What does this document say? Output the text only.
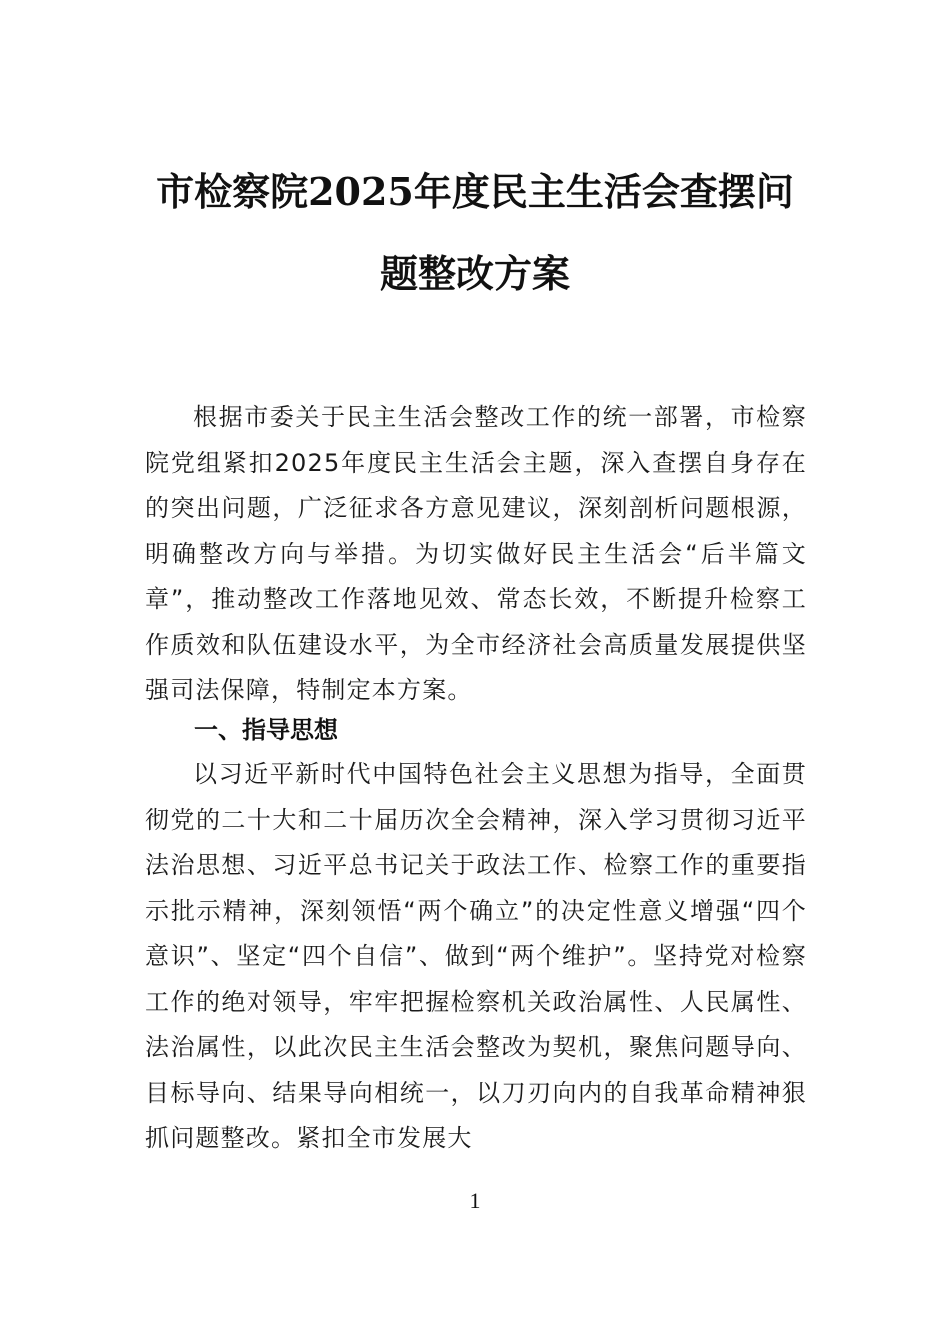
市检察院2025年度民主生活会查摆问题整改方案

根据市委关于民主生活会整改工作的统一部署，市检察院党组紧扣2025年度民主生活会主题，深入查摆自身存在的突出问题，广泛征求各方意见建议，深刻剖析问题根源，明确整改方向与举措。为切实做好民主生活会“后半篇文章”，推动整改工作落地见效、常态长效，不断提升检察工作质效和队伍建设水平，为全市经济社会高质量发展提供坚强司法保障，特制定本方案。

一、指导思想

以习近平新时代中国特色社会主义思想为指导，全面贯彻党的二十大和二十届历次全会精神，深入学习贯彻习近平法治思想、习近平总书记关于政法工作、检察工作的重要指示批示精神，深刻领悟“两个确立”的决定性意义增强“四个意识”、坚定“四个自信”、做到“两个维护”。坚持党对检察工作的绝对领导，牢牢把握检察机关政治属性、人民属性、法治属性，以此次民主生活会整改为契机，聚焦问题导向、目标导向、结果导向相统一，以刀刃向内的自我革命精神狠抓问题整改。紧扣全市发展大

1
